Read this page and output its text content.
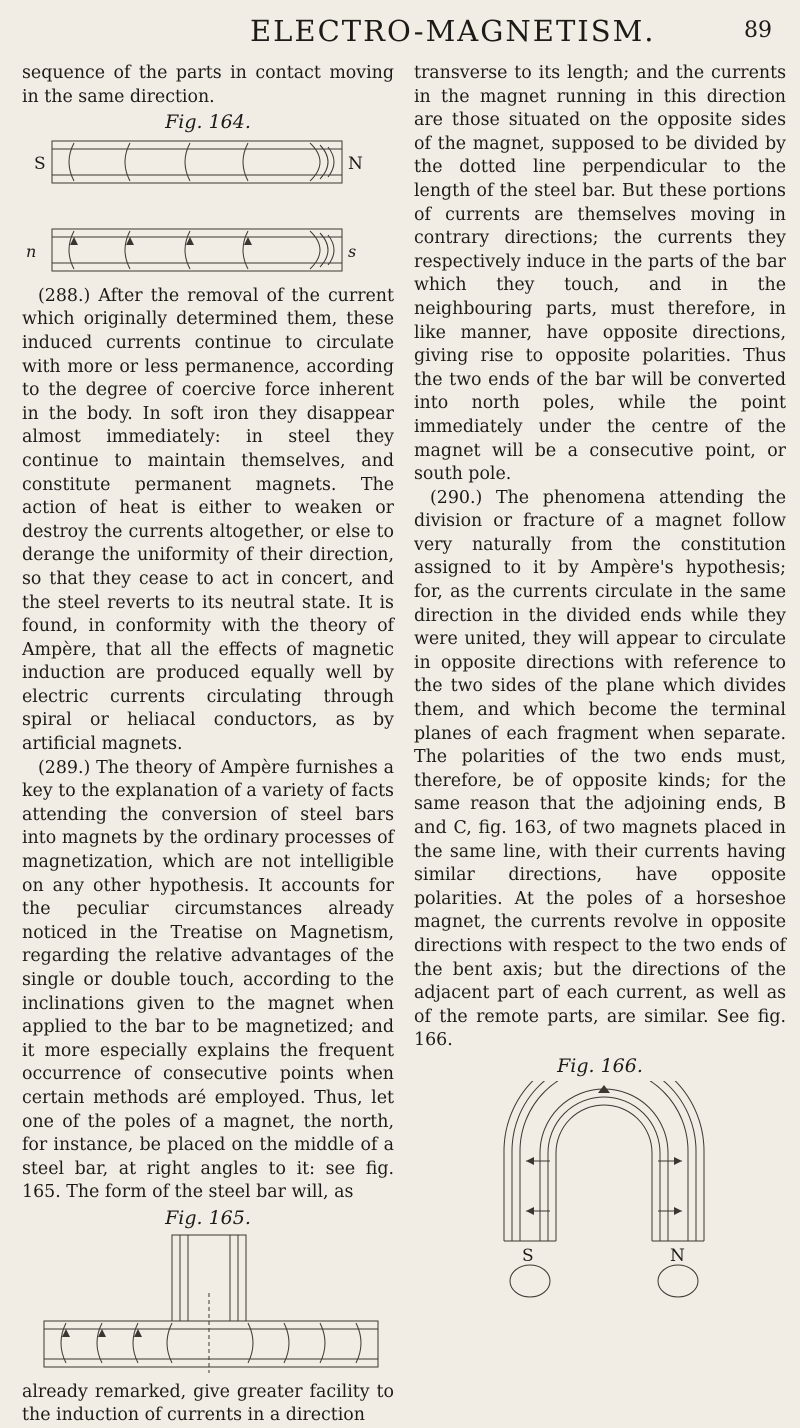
ELECTRO-MAGNETISM.	89

sequence of the parts in contact moving in the same direction.

Fig. 164.
S	N
n	s

(288.) After the removal of the current which originally determined them, these induced currents continue to circulate with more or less permanence, according to the degree of coercive force inherent in the body. In soft iron they disappear almost immediately: in steel they continue to maintain themselves, and constitute permanent magnets. The action of heat is either to weaken or destroy the currents altogether, or else to derange the uniformity of their direction, so that they cease to act in concert, and the steel reverts to its neutral state. It is found, in conformity with the theory of Ampère, that all the effects of magnetic induction are produced equally well by electric currents circulating through spiral or heliacal conductors, as by artificial magnets.

(289.) The theory of Ampère furnishes a key to the explanation of a variety of facts attending the conversion of steel bars into magnets by the ordinary processes of magnetization, which are not intelligible on any other hypothesis. It accounts for the peculiar circumstances already noticed in the Treatise on Magnetism, regarding the relative advantages of the single or double touch, according to the inclinations given to the magnet when applied to the bar to be magnetized; and it more especially explains the frequent occurrence of consecutive points when certain methods aré employed. Thus, let one of the poles of a magnet, the north, for instance, be placed on the middle of a steel bar, at right angles to it: see fig. 165. The form of the steel bar will, as

Fig. 165.

already remarked, give greater facility to the induction of currents in a direction

transverse to its length; and the currents in the magnet running in this direction are those situated on the opposite sides of the magnet, supposed to be divided by the dotted line perpendicular to the length of the steel bar. But these portions of currents are themselves moving in contrary directions; the currents they respectively induce in the parts of the bar which they touch, and in the neighbouring parts, must therefore, in like manner, have opposite directions, giving rise to opposite polarities. Thus the two ends of the bar will be converted into north poles, while the point immediately under the centre of the magnet will be a consecutive point, or south pole.

(290.) The phenomena attending the division or fracture of a magnet follow very naturally from the constitution assigned to it by Ampère's hypothesis; for, as the currents circulate in the same direction in the divided ends while they were united, they will appear to circulate in opposite directions with reference to the two sides of the plane which divides them, and which become the terminal planes of each fragment when separate. The polarities of the two ends must, therefore, be of opposite kinds; for the same reason that the adjoining ends, B and C, fig. 163, of two magnets placed in the same line, with their currents having similar directions, have opposite polarities. At the poles of a horseshoe magnet, the currents revolve in opposite directions with respect to the two ends of the bent axis; but the directions of the adjacent part of each current, as well as of the remote parts, are similar. See fig. 166.

Fig. 166.
S	N
